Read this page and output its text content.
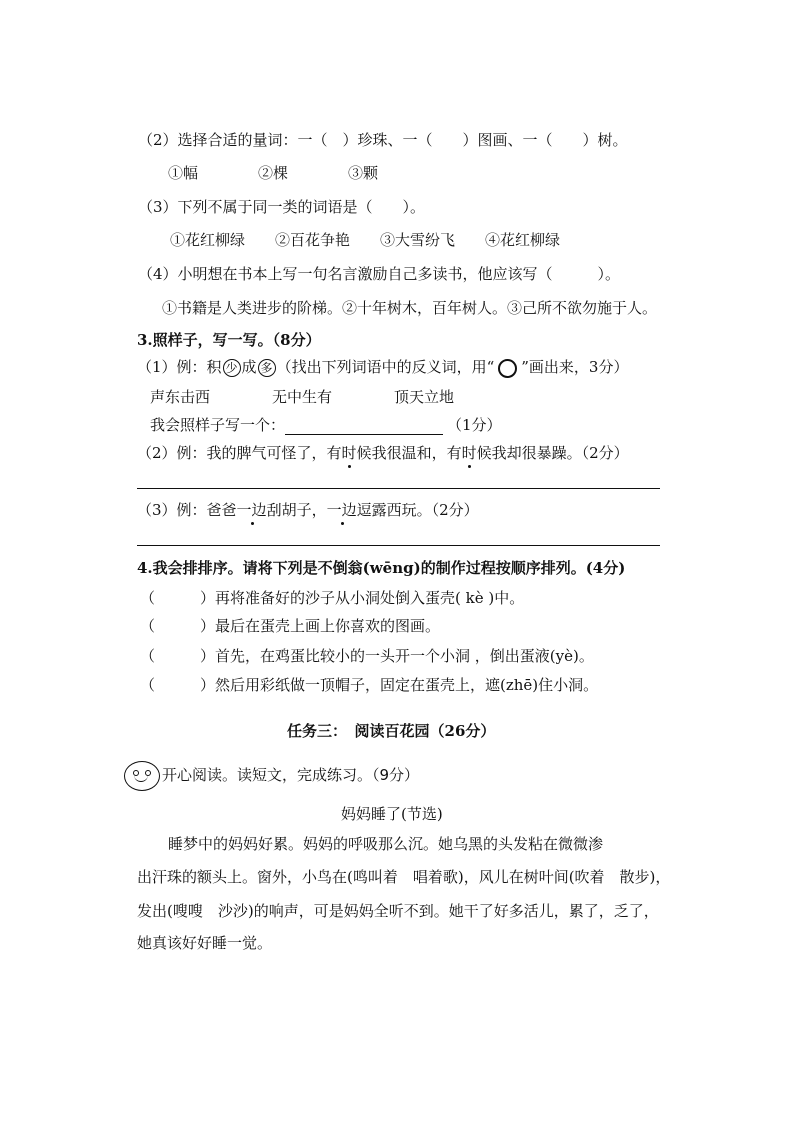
（2）选择合适的量词：一（　）珍珠、一（　　）图画、一（　　）树。
①幅　　　　②棵　　　　③颗
（3）下列不属于同一类的词语是（　　）。
①花红柳绿　　②百花争艳　　③大雪纷飞　　④花红柳绿
（4）小明想在书本上写一句名言激励自己多读书，他应该写（　　　）。
①书籍是人类进步的阶梯。②十年树木，百年树人。③己所不欲勿施于人。
3.照样子，写一写。（8分）
（1）例：积 少 成 多 （找出下列词语中的反义词，用“ ○ ”画出来，3分）
声东击西	无中生有	顶天立地
我会照样子写一个：	（1分）
（2）例：我的脾气可怪了，有时候我很温和，有时候我却很暴躁。（2分）
（3）例：爸爸一边刮胡子，一边逗露西玩。（2分）
4.我会排排序。请将下列是不倒翁(wēng)的制作过程按顺序排列。(4分)
（　　　）再将准备好的沙子从小洞处倒入蛋壳( kè )中。
（　　　）最后在蛋壳上画上你喜欢的图画。
（　　　）首先，在鸡蛋比较小的一头开一个小洞 ，倒出蛋液(yè)。
（　　　）然后用彩纸做一顶帽子，固定在蛋壳上，遮(zhē)住小洞。
任务三：　阅读百花园（26分）
开心阅读。读短文，完成练习。（9分）
妈妈睡了(节选)
睡梦中的妈妈好累。妈妈的呼吸那么沉。她乌黑的头发粘在微微渗
出汗珠的额头上。窗外，小鸟在(鸣叫着　唱着歌)，风儿在树叶间(吹着　散步)，
发出(嗖嗖　沙沙)的响声，可是妈妈全听不到。她干了好多活儿，累了，乏了，
她真该好好睡一觉。
